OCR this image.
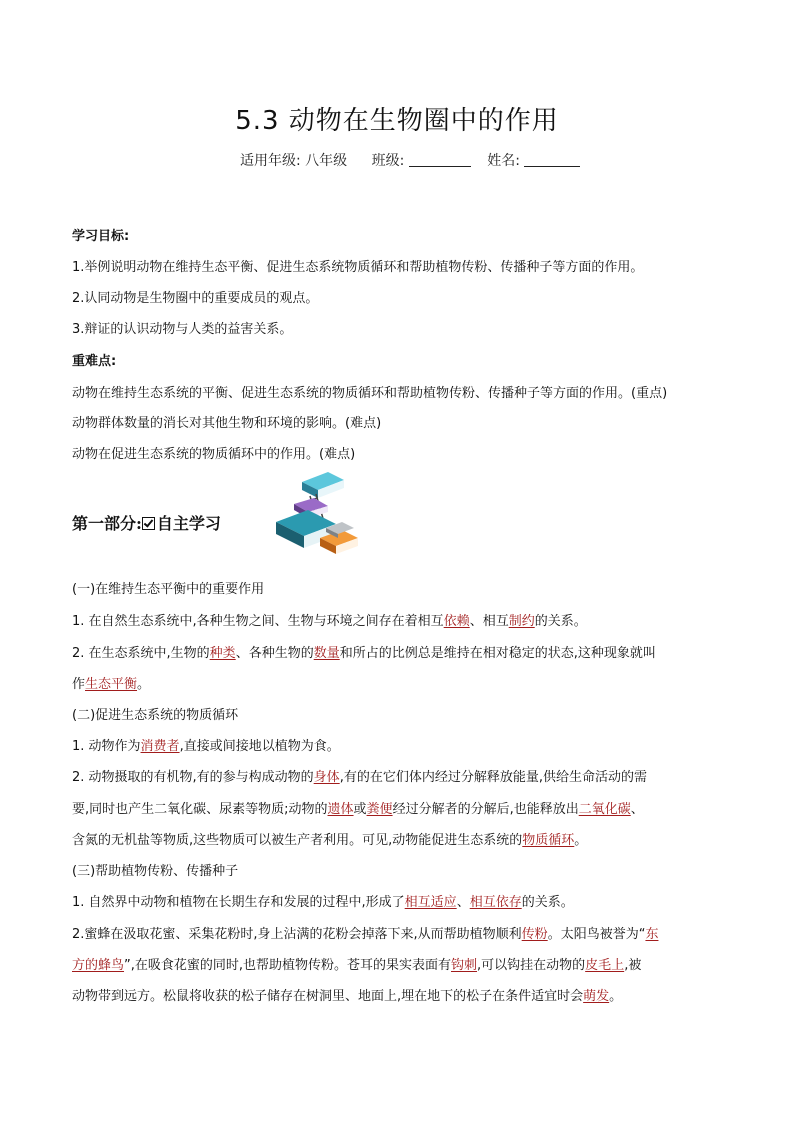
5.3 动物在生物圈中的作用
适用年级: 八年级 班级:	姓名:
学习目标:
1.举例说明动物在维持生态平衡、促进生态系统物质循环和帮助植物传粉、传播种子等方面的作用。
2.认同动物是生物圈中的重要成员的观点。
3.辩证的认识动物与人类的益害关系。
重难点:
动物在维持生态系统的平衡、促进生态系统的物质循环和帮助植物传粉、传播种子等方面的作用。(重点)
动物群体数量的消长对其他生物和环境的影响。(难点)
动物在促进生态系统的物质循环中的作用。(难点)
第一部分: 自主学习
(一)在维持生态平衡中的重要作用
1. 在自然生态系统中,各种生物之间、生物与环境之间存在着相互依赖、相互制约的关系。
2. 在生态系统中,生物的种类、各种生物的数量和所占的比例总是维持在相对稳定的状态,这种现象就叫
作生态平衡。
(二)促进生态系统的物质循环
1. 动物作为消费者,直接或间接地以植物为食。
2. 动物摄取的有机物,有的参与构成动物的身体,有的在它们体内经过分解释放能量,供给生命活动的需
要,同时也产生二氧化碳、尿素等物质;动物的遗体或粪便经过分解者的分解后,也能释放出二氧化碳、
含氮的无机盐等物质,这些物质可以被生产者利用。可见,动物能促进生态系统的物质循环。
(三)帮助植物传粉、传播种子
1. 自然界中动物和植物在长期生存和发展的过程中,形成了相互适应、相互依存的关系。
2.蜜蜂在汲取花蜜、采集花粉时,身上沾满的花粉会掉落下来,从而帮助植物顺利传粉。太阳鸟被誉为“东
方的蜂鸟”,在吸食花蜜的同时,也帮助植物传粉。苍耳的果实表面有钩刺,可以钩挂在动物的皮毛上,被
动物带到远方。松鼠将收获的松子储存在树洞里、地面上,埋在地下的松子在条件适宜时会萌发。
